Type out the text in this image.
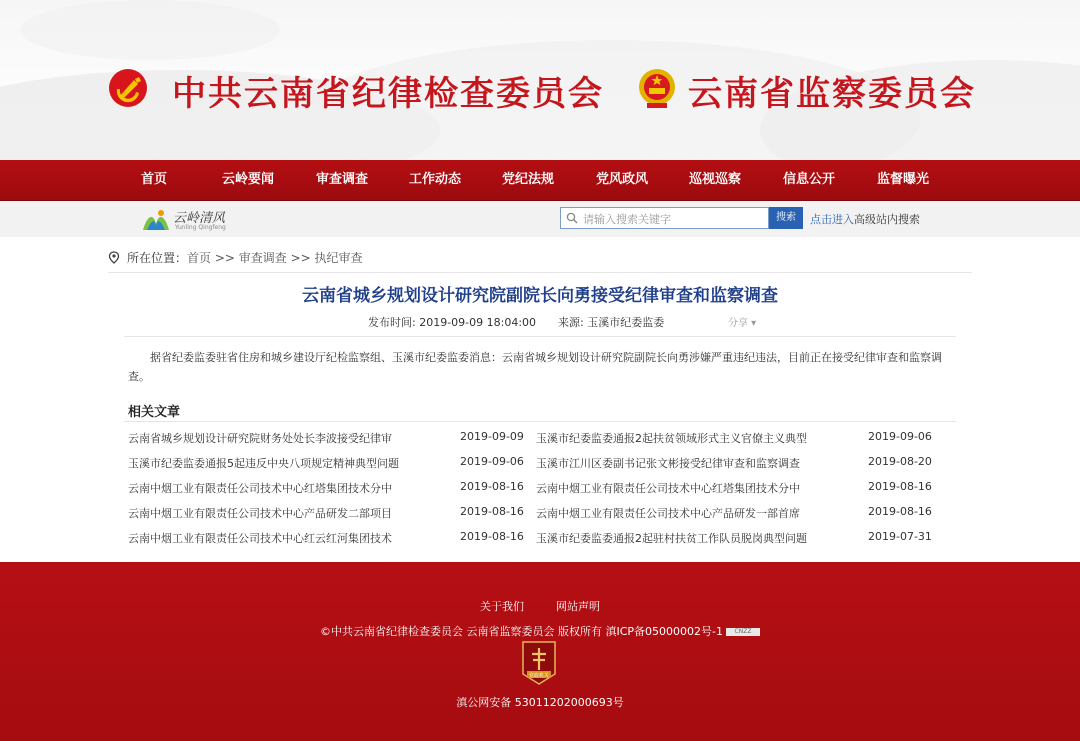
中共云南省纪律检查委员会 云南省监察委员会
首页	云岭要闻	审查调查	工作动态	党纪法规	党风政风	巡视巡察	信息公开	监督曝光
云岭清风
Yunling Qingfeng
请输入搜索关键字
搜索	点击进入 高级站内搜索
所在位置：首页 >> 审查调查 >> 执纪审查
云南省城乡规划设计研究院副院长向勇接受纪律审查和监察调查
发布时间: 2019-09-09 18:04:00　　来源: 玉溪市纪委监委	分享 ▾
据省纪委监委驻省住房和城乡建设厅纪检监察组、玉溪市纪委监委消息：云南省城乡规划设计研究院副院长向勇涉嫌严重违纪违法，目前正在接受纪律审查和监察调查。
相关文章
云南省城乡规划设计研究院财务处处长李波接受纪律审	2019-09-09 玉溪市纪委监委通报2起扶贫领域形式主义官僚主义典型	2019-09-06
玉溪市纪委监委通报5起违反中央八项规定精神典型问题	2019-09-06 玉溪市江川区委副书记张文彬接受纪律审查和监察调查	2019-08-20
云南中烟工业有限责任公司技术中心红塔集团技术分中	2019-08-16 云南中烟工业有限责任公司技术中心红塔集团技术分中	2019-08-16
云南中烟工业有限责任公司技术中心产品研发二部项目	2019-08-16 云南中烟工业有限责任公司技术中心产品研发一部首席	2019-08-16
云南中烟工业有限责任公司技术中心红云红河集团技术	2019-08-16 玉溪市纪委监委通报2起驻村扶贫工作队员脱岗典型问题	2019-07-31
关于我们	网站声明
©中共云南省纪律检查委员会 云南省监察委员会 版权所有 滇ICP备05000002号-1 CNZZ
党政机关
滇公网安备 53011202000693号
